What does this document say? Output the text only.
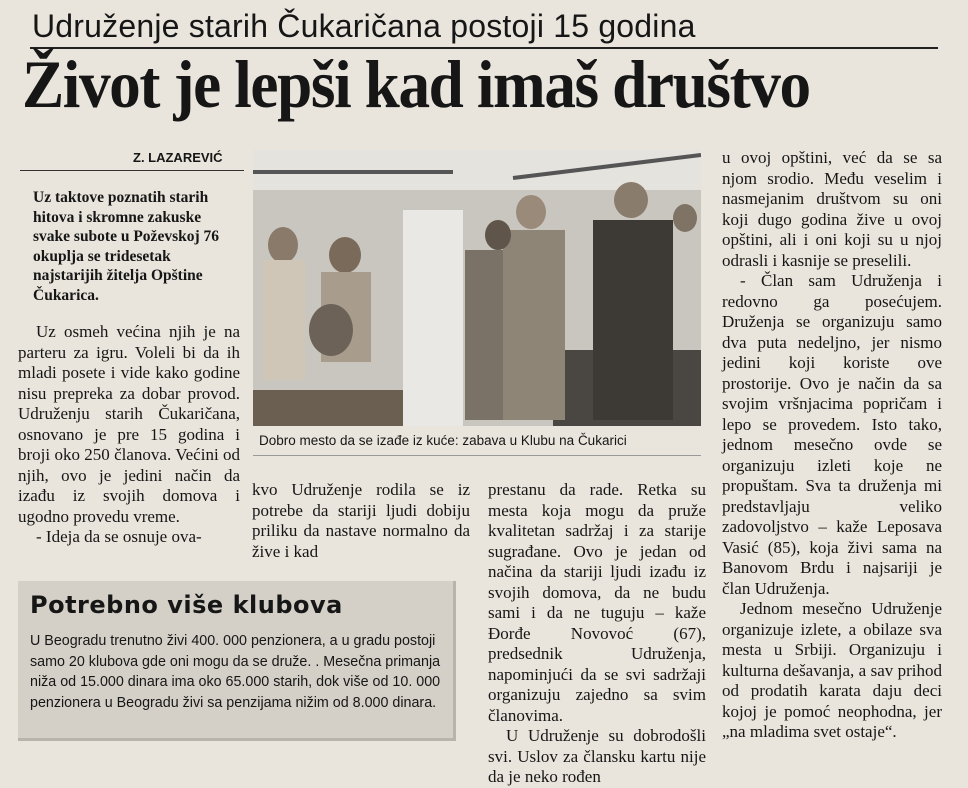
Udruženje starih Čukaričana postoji 15 godina
Život je lepši kad imaš društvo
Z. LAZAREVIĆ
Uz taktove poznatih starih hitova i skromne zakuske svake subote u Poževskoj 76 okuplja se tridesetak najstarijih žitelja Opštine Čukarica.

Uz osmeh većina njih je na parteru za igru. Voleli bi da ih mladi posete i vide kako godine nisu prepreka za dobar provod. Udruženju starih Čukaričana, osnovano je pre 15 godina i broji oko 250 članova. Većini od njih, ovo je jedini način da izađu iz svojih domova i ugodno provedu vreme.

- Ideja da se osnuje ova-

Dobro mesto da se izađe iz kuće: zabava u Klubu na Čukarici

kvo Udruženje rodila se iz potrebe da stariji ljudi dobiju priliku da nastave normalno da žive i kad

prestanu da rade. Retka su mesta koja mogu da pruže kvalitetan sadržaj i za starije sugrađane. Ovo je jedan od načina da stariji ljudi izađu iz svojih domova, da ne budu sami i da ne tuguju – kaže Đorđe Novovoć (67), predsednik Udruženja, napominjući da se svi sadržaji organizuju zajedno sa svim članovima.

U Udruženje su dobrodošli svi. Uslov za člansku kartu nije da je neko rođen

u ovoj opštini, već da se sa njom srodio. Među veselim i nasmejanim društvom su oni koji dugo godina žive u ovoj opštini, ali i oni koji su u njoj odrasli i kasnije se preselili.

- Član sam Udruženja i redovno ga posećujem. Druženja se organizuju samo dva puta nedeljno, jer nismo jedini koji koriste ove prostorije. Ovo je način da sa svojim vršnjacima popričam i lepo se provedem. Isto tako, jednom mesečno ovde se organizuju izleti koje ne propuštam. Sva ta druženja mi predstavljaju veliko zadovoljstvo – kaže Leposava Vasić (85), koja živi sama na Banovom Brdu i najsariji je član Udruženja.

Jednom mesečno Udruženje organizuje izlete, a obilaze sva mesta u Srbiji. Organizuju i kulturna dešavanja, a sav prihod od prodatih karata daju deci kojoj je pomoć neophodna, jer „na mladima svet ostaje“.

Potrebno više klubova
U Beogradu trenutno živi 400. 000 penzionera, a u gradu postoji samo 20 klubova gde oni mogu da se druže. . Mesečna primanja niža od 15.000 dinara ima oko 65.000 starih, dok više od 10. 000 penzionera u Beogradu živi sa penzijama nižim od 8.000 dinara.
